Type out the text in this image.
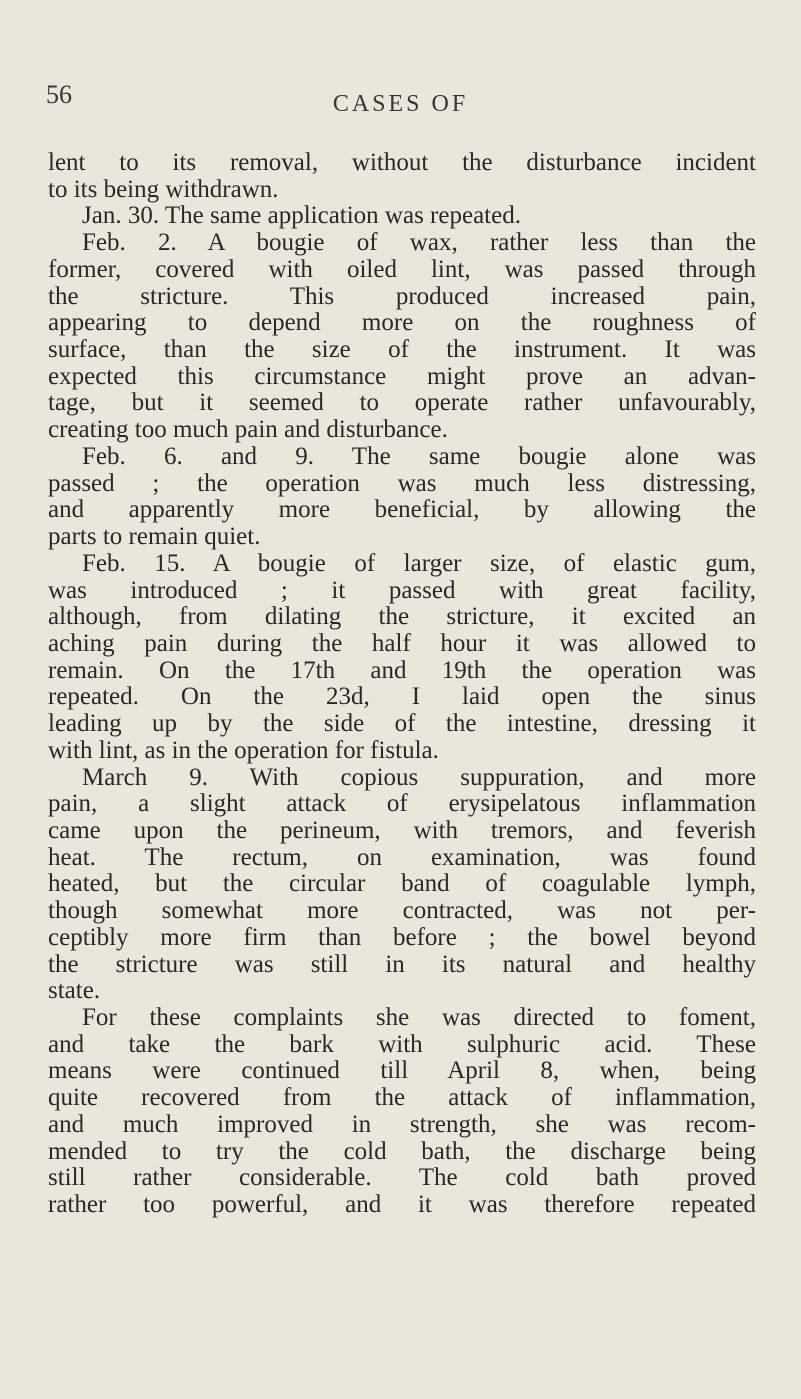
56	CASES OF
lent to its removal, without the disturbance incident
to its being withdrawn.
Jan. 30. The same application was repeated.
Feb. 2. A bougie of wax, rather less than the
former, covered with oiled lint, was passed through
the stricture. This produced increased pain,
appearing to depend more on the roughness of
surface, than the size of the instrument. It was
expected this circumstance might prove an advan-
tage, but it seemed to operate rather unfavourably,
creating too much pain and disturbance.
Feb. 6. and 9. The same bougie alone was
passed ; the operation was much less distressing,
and apparently more beneficial, by allowing the
parts to remain quiet.
Feb. 15. A bougie of larger size, of elastic gum,
was introduced ; it passed with great facility,
although, from dilating the stricture, it excited an
aching pain during the half hour it was allowed to
remain. On the 17th and 19th the operation was
repeated. On the 23d, I laid open the sinus
leading up by the side of the intestine, dressing it
with lint, as in the operation for fistula.
March 9. With copious suppuration, and more
pain, a slight attack of erysipelatous inflammation
came upon the perineum, with tremors, and feverish
heat. The rectum, on examination, was found
heated, but the circular band of coagulable lymph,
though somewhat more contracted, was not per-
ceptibly more firm than before ; the bowel beyond
the stricture was still in its natural and healthy
state.
For these complaints she was directed to foment,
and take the bark with sulphuric acid. These
means were continued till April 8, when, being
quite recovered from the attack of inflammation,
and much improved in strength, she was recom-
mended to try the cold bath, the discharge being
still rather considerable. The cold bath proved
rather too powerful, and it was therefore repeated
